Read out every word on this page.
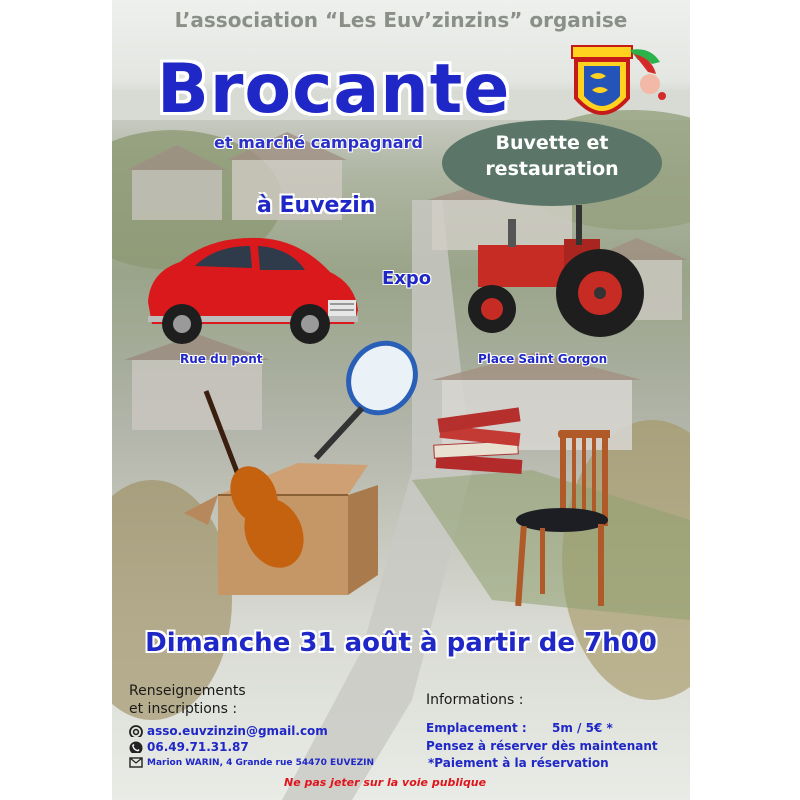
L’association “Les Euv’zinzins” organise
Brocante
et marché campagnard	Buvette et
restauration
à Euvezin
Expo
Rue du pont	Place Saint Gorgon
Dimanche 31 août à partir de 7h00
Renseignements
et inscriptions :
asso.euvzinzin@gmail.com
06.49.71.31.87
Marion WARIN, 4 Grande rue 54470 EUVEZIN
Informations :
Emplacement : 5m / 5€ *
Pensez à réserver dès maintenant
*Paiement à la réservation
Ne pas jeter sur la voie publique
